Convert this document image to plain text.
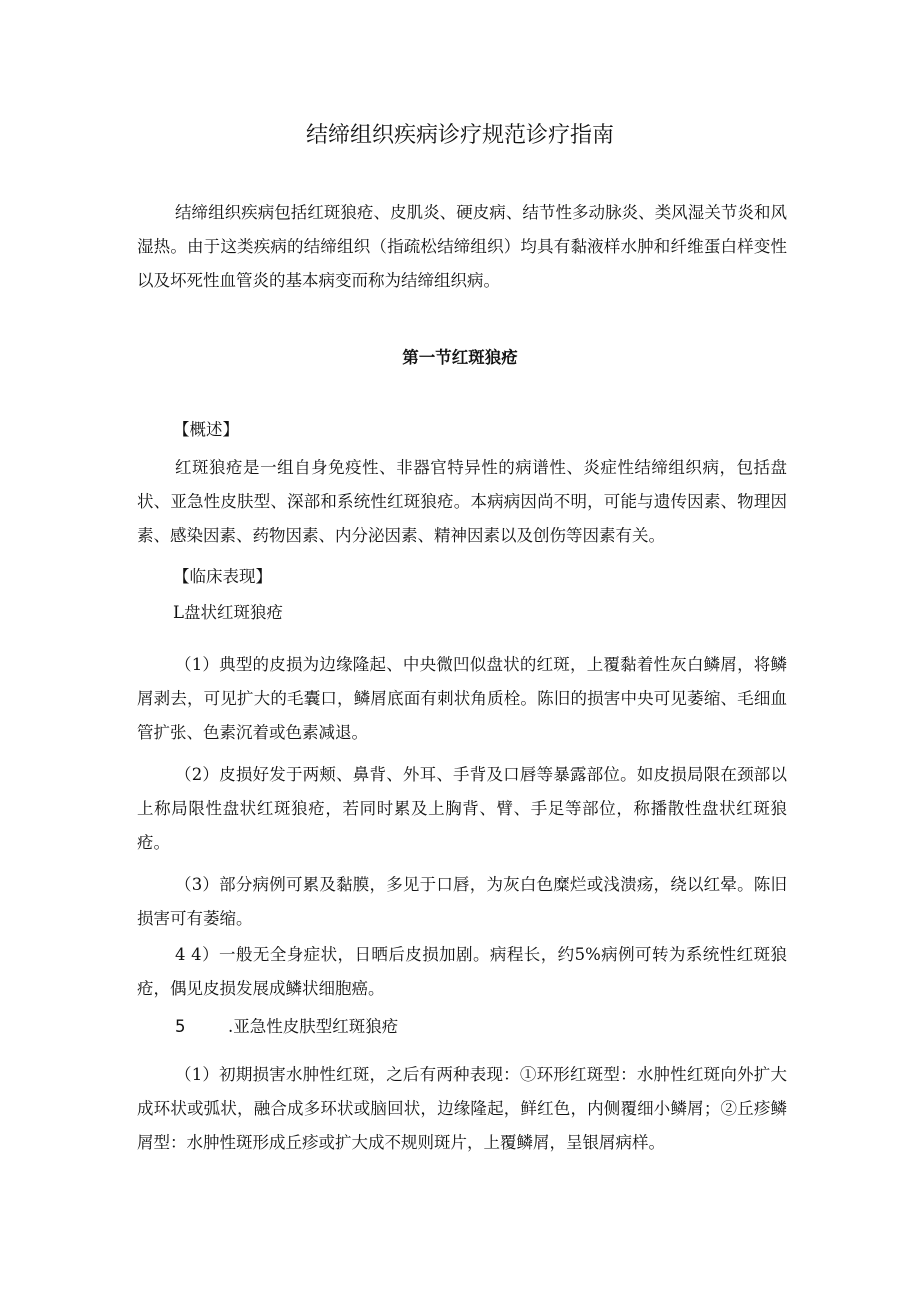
结缔组织疾病诊疗规范诊疗指南

结缔组织疾病包括红斑狼疮、皮肌炎、硬皮病、结节性多动脉炎、类风湿关节炎和风湿热。由于这类疾病的结缔组织（指疏松结缔组织）均具有黏液样水肿和纤维蛋白样变性以及坏死性血管炎的基本病变而称为结缔组织病。

第一节红斑狼疮

【概述】

红斑狼疮是一组自身免疫性、非器官特异性的病谱性、炎症性结缔组织病，包括盘状、亚急性皮肤型、深部和系统性红斑狼疮。本病病因尚不明，可能与遗传因素、物理因素、感染因素、药物因素、内分泌因素、精神因素以及创伤等因素有关。

【临床表现】

L盘状红斑狼疮

（1）典型的皮损为边缘隆起、中央微凹似盘状的红斑，上覆黏着性灰白鳞屑，将鳞屑剥去，可见扩大的毛囊口，鳞屑底面有刺状角质栓。陈旧的损害中央可见萎缩、毛细血管扩张、色素沉着或色素减退。

（2）皮损好发于两颊、鼻背、外耳、手背及口唇等暴露部位。如皮损局限在颈部以上称局限性盘状红斑狼疮，若同时累及上胸背、臂、手足等部位，称播散性盘状红斑狼疮。

（3）部分病例可累及黏膜，多见于口唇，为灰白色糜烂或浅溃疡，绕以红晕。陈旧损害可有萎缩。

4 4）一般无全身症状，日晒后皮损加剧。病程长，约5%病例可转为系统性红斑狼疮，偶见皮损发展成鳞状细胞癌。

5	.亚急性皮肤型红斑狼疮

（1）初期损害水肿性红斑，之后有两种表现：①环形红斑型：水肿性红斑向外扩大成环状或弧状，融合成多环状或脑回状，边缘隆起，鲜红色，内侧覆细小鳞屑；②丘疹鳞屑型：水肿性斑形成丘疹或扩大成不规则斑片，上覆鳞屑，呈银屑病样。
